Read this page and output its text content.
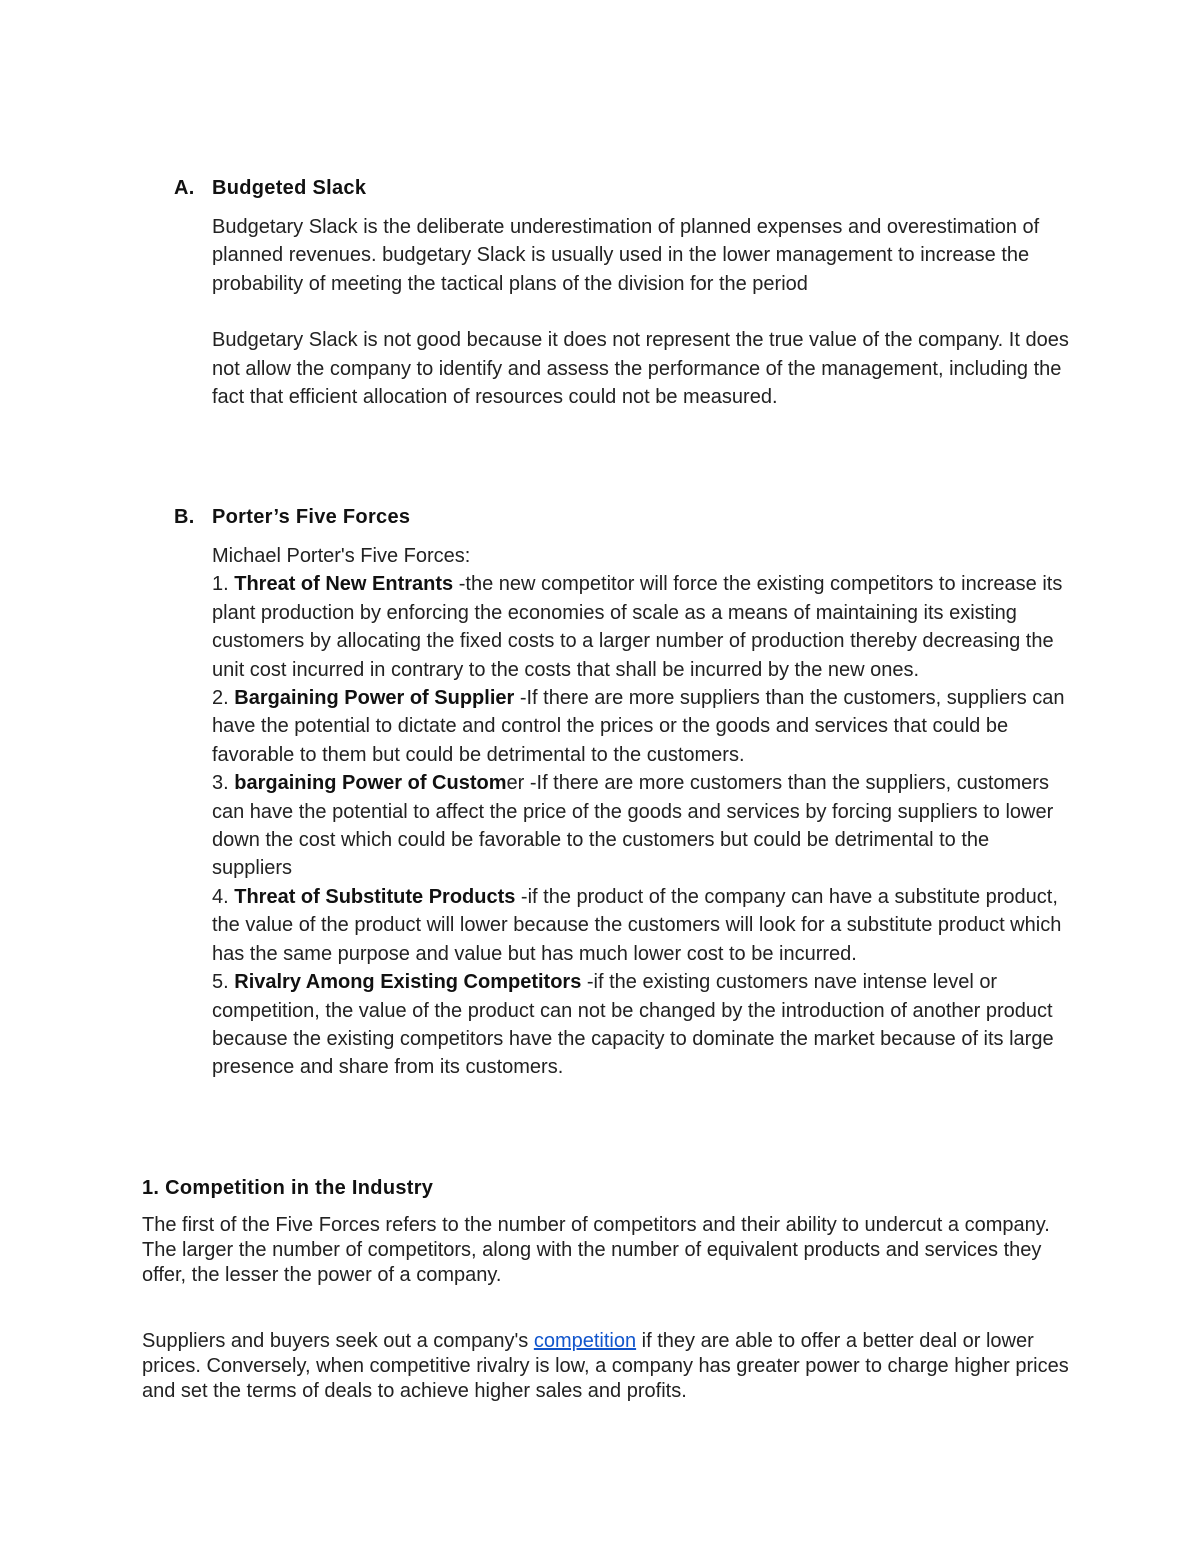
A. Budgeted Slack

Budgetary Slack is the deliberate underestimation of planned expenses and overestimation of planned revenues. budgetary Slack is usually used in the lower management to increase the probability of meeting the tactical plans of the division for the period

Budgetary Slack is not good because it does not represent the true value of the company. It does not allow the company to identify and assess the performance of the management, including the fact that efficient allocation of resources could not be measured.

B. Porter’s Five Forces

Michael Porter's Five Forces:

1. Threat of New Entrants -the new competitor will force the existing competitors to increase its plant production by enforcing the economies of scale as a means of maintaining its existing customers by allocating the fixed costs to a larger number of production thereby decreasing the unit cost incurred in contrary to the costs that shall be incurred by the new ones.

2. Bargaining Power of Supplier -If there are more suppliers than the customers, suppliers can have the potential to dictate and control the prices or the goods and services that could be favorable to them but could be detrimental to the customers.

3. bargaining Power of Customer -If there are more customers than the suppliers, customers can have the potential to affect the price of the goods and services by forcing suppliers to lower down the cost which could be favorable to the customers but could be detrimental to the suppliers

4. Threat of Substitute Products -if the product of the company can have a substitute product, the value of the product will lower because the customers will look for a substitute product which has the same purpose and value but has much lower cost to be incurred.

5. Rivalry Among Existing Competitors -if the existing customers nave intense level or competition, the value of the product can not be changed by the introduction of another product because the existing competitors have the capacity to dominate the market because of its large presence and share from its customers.

1. Competition in the Industry

The first of the Five Forces refers to the number of competitors and their ability to undercut a company. The larger the number of competitors, along with the number of equivalent products and services they offer, the lesser the power of a company.

Suppliers and buyers seek out a company's competition if they are able to offer a better deal or lower prices. Conversely, when competitive rivalry is low, a company has greater power to charge higher prices and set the terms of deals to achieve higher sales and profits.
